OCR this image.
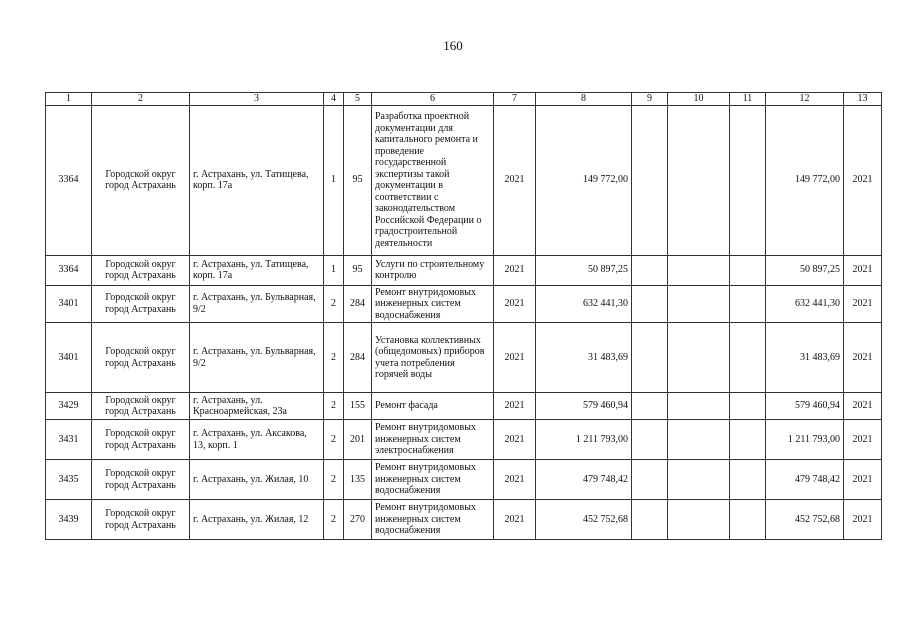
160
1	2	3	4	5	6	7	8	9	10	11	12	13
3364	Городской округ город Астрахань	г. Астрахань, ул. Татищева, корп. 17а	1	95	Разработка проектной документации для капитального ремонта и проведение государственной экспертизы такой документации в соответствии с законодательством Российской Федерации о градостроительной деятельности	2021	149 772,00				149 772,00	2021
3364	Городской округ город Астрахань	г. Астрахань, ул. Татищева, корп. 17а	1	95	Услуги по строительному контролю	2021	50 897,25				50 897,25	2021
3401	Городской округ город Астрахань	г. Астрахань, ул. Бульварная, 9/2	2	284	Ремонт внутридомовых инженерных систем водоснабжения	2021	632 441,30				632 441,30	2021
3401	Городской округ город Астрахань	г. Астрахань, ул. Бульварная, 9/2	2	284	Установка коллективных (общедомовых) приборов учета потребления горячей воды	2021	31 483,69				31 483,69	2021
3429	Городской округ город Астрахань	г. Астрахань, ул. Красноармейская, 23а	2	155	Ремонт фасада	2021	579 460,94				579 460,94	2021
3431	Городской округ город Астрахань	г. Астрахань, ул. Аксакова, 13, корп. 1	2	201	Ремонт внутридомовых инженерных систем электроснабжения	2021	1 211 793,00				1 211 793,00	2021
3435	Городской округ город Астрахань	г. Астрахань, ул. Жилая, 10	2	135	Ремонт внутридомовых инженерных систем водоснабжения	2021	479 748,42				479 748,42	2021
3439	Городской округ город Астрахань	г. Астрахань, ул. Жилая, 12	2	270	Ремонт внутридомовых инженерных систем водоснабжения	2021	452 752,68				452 752,68	2021
